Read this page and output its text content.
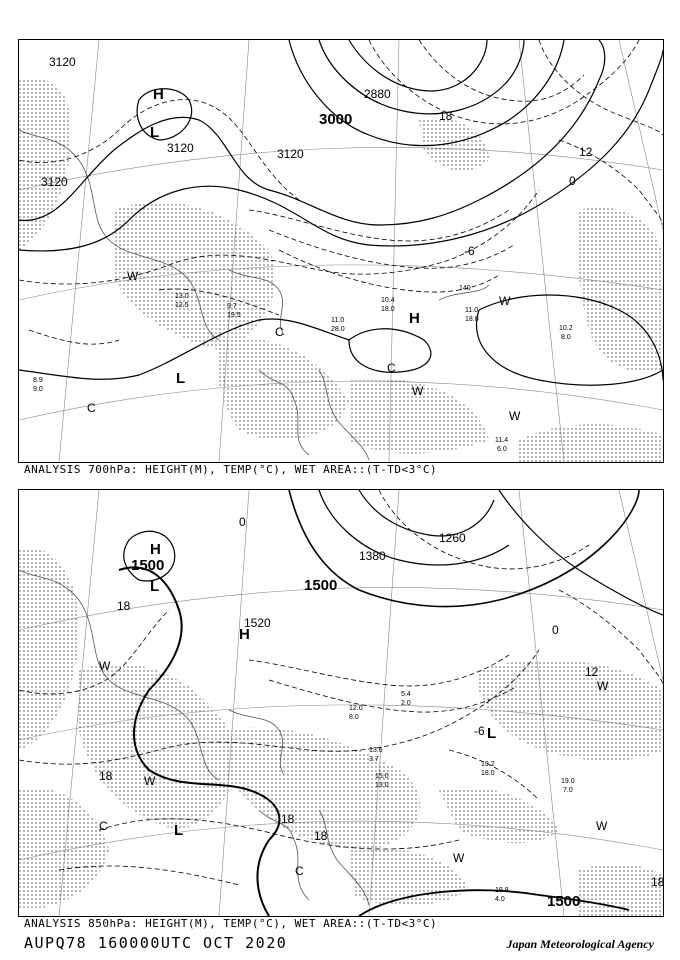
3120
3120
3120
3000
2880
3120
18
12
0
-6
H
L
H
L
W
W
W
W
C
C
C
140
11.0
18.0
10.2
8.0
11.4
6.0
10.4
18.0
11.0
28.0
8.9
9.0
9.7
19.5
13.0
12.5
ANALYSIS 700hPa: HEIGHT(M), TEMP(°C), WET AREA::(T-TD<3°C)
1500
1500
1380
1260
1500
1520
18
18
18
18
18
12
0
0
-6
H
L
H
L
L
W
W
W
W
W
C
C
19.2
18.0
19.0
7.0
19.8
4.0
13.6
3.7
15.0
13.0
5.4
2.0
12.0
8.0
ANALYSIS 850hPa: HEIGHT(M), TEMP(°C), WET AREA::(T-TD<3°C)
AUPQ78 160000UTC OCT 2020	Japan Meteorological Agency
